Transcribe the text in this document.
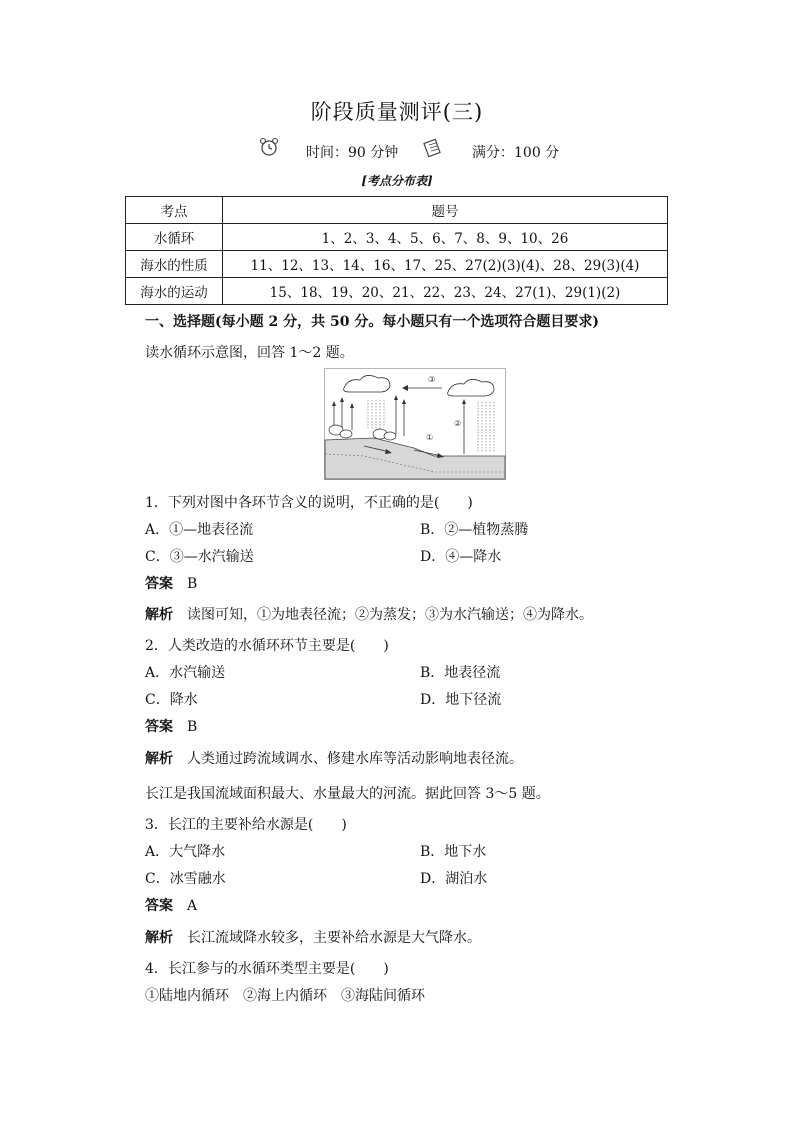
阶段质量测评(三)
时间：90 分钟	满分：100 分
[考点分布表]
考点	题号
水循环	1、2、3、4、5、6、7、8、9、10、26
海水的性质	11、12、13、14、16、17、25、27(2)(3)(4)、28、29(3)(4)
海水的运动	15、18、19、20、21、22、23、24、27(1)、29(1)(2)
一、选择题(每小题 2 分，共 50 分。每小题只有一个选项符合题目要求)
读水循环示意图，回答 1～2 题。
③
②
①
1．下列对图中各环节含义的说明，不正确的是(　　)
A．①—地表径流	B．②—植物蒸腾
C．③—水汽输送	D．④—降水
答案　 B
解析　 读图可知，①为地表径流；②为蒸发；③为水汽输送；④为降水。
2．人类改造的水循环环节主要是(　　)
A．水汽输送	B．地表径流
C．降水	D．地下径流
答案　 B
解析　 人类通过跨流域调水、修建水库等活动影响地表径流。
长江是我国流域面积最大、水量最大的河流。据此回答 3～5 题。
3．长江的主要补给水源是(　　)
A．大气降水	B．地下水
C．冰雪融水	D．湖泊水
答案　 A
解析　 长江流域降水较多，主要补给水源是大气降水。
4．长江参与的水循环类型主要是(　　)
①陆地内循环　②海上内循环　③海陆间循环
